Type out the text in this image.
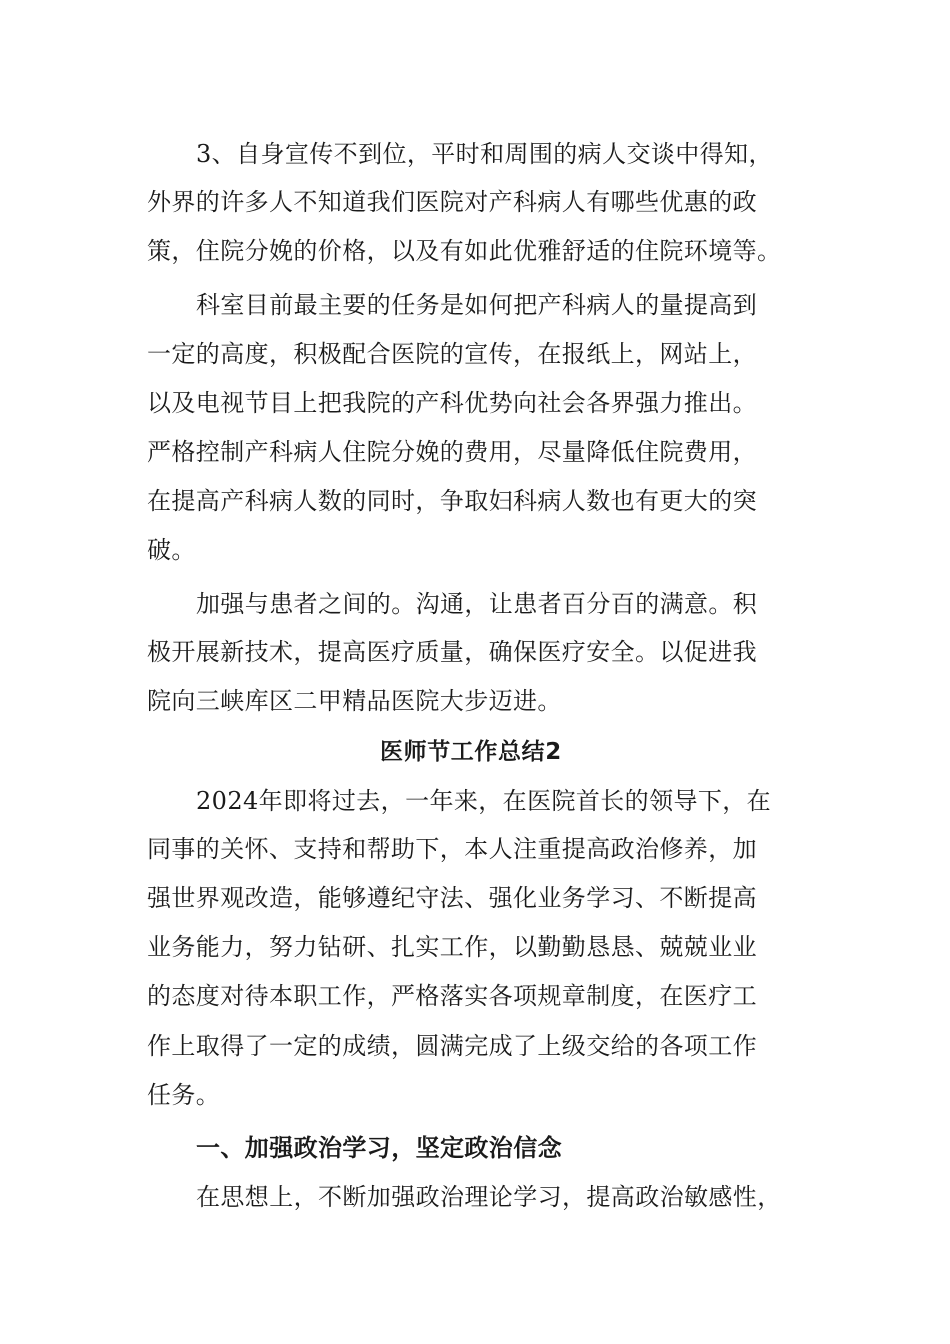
3、自身宣传不到位，平时和周围的病人交谈中得知，
外界的许多人不知道我们医院对产科病人有哪些优惠的政
策，住院分娩的价格，以及有如此优雅舒适的住院环境等。
科室目前最主要的任务是如何把产科病人的量提高到
一定的高度，积极配合医院的宣传，在报纸上，网站上，
以及电视节目上把我院的产科优势向社会各界强力推出。
严格控制产科病人住院分娩的费用，尽量降低住院费用，
在提高产科病人数的同时，争取妇科病人数也有更大的突
破。
加强与患者之间的。沟通，让患者百分百的满意。积
极开展新技术，提高医疗质量，确保医疗安全。以促进我
院向三峡库区二甲精品医院大步迈进。
医师节工作总结2
2024年即将过去，一年来，在医院首长的领导下，在
同事的关怀、支持和帮助下，本人注重提高政治修养，加
强世界观改造，能够遵纪守法、强化业务学习、不断提高
业务能力，努力钻研、扎实工作，以勤勤恳恳、兢兢业业
的态度对待本职工作，严格落实各项规章制度，在医疗工
作上取得了一定的成绩，圆满完成了上级交给的各项工作
任务。
一、加强政治学习，坚定政治信念
在思想上，不断加强政治理论学习，提高政治敏感性，
